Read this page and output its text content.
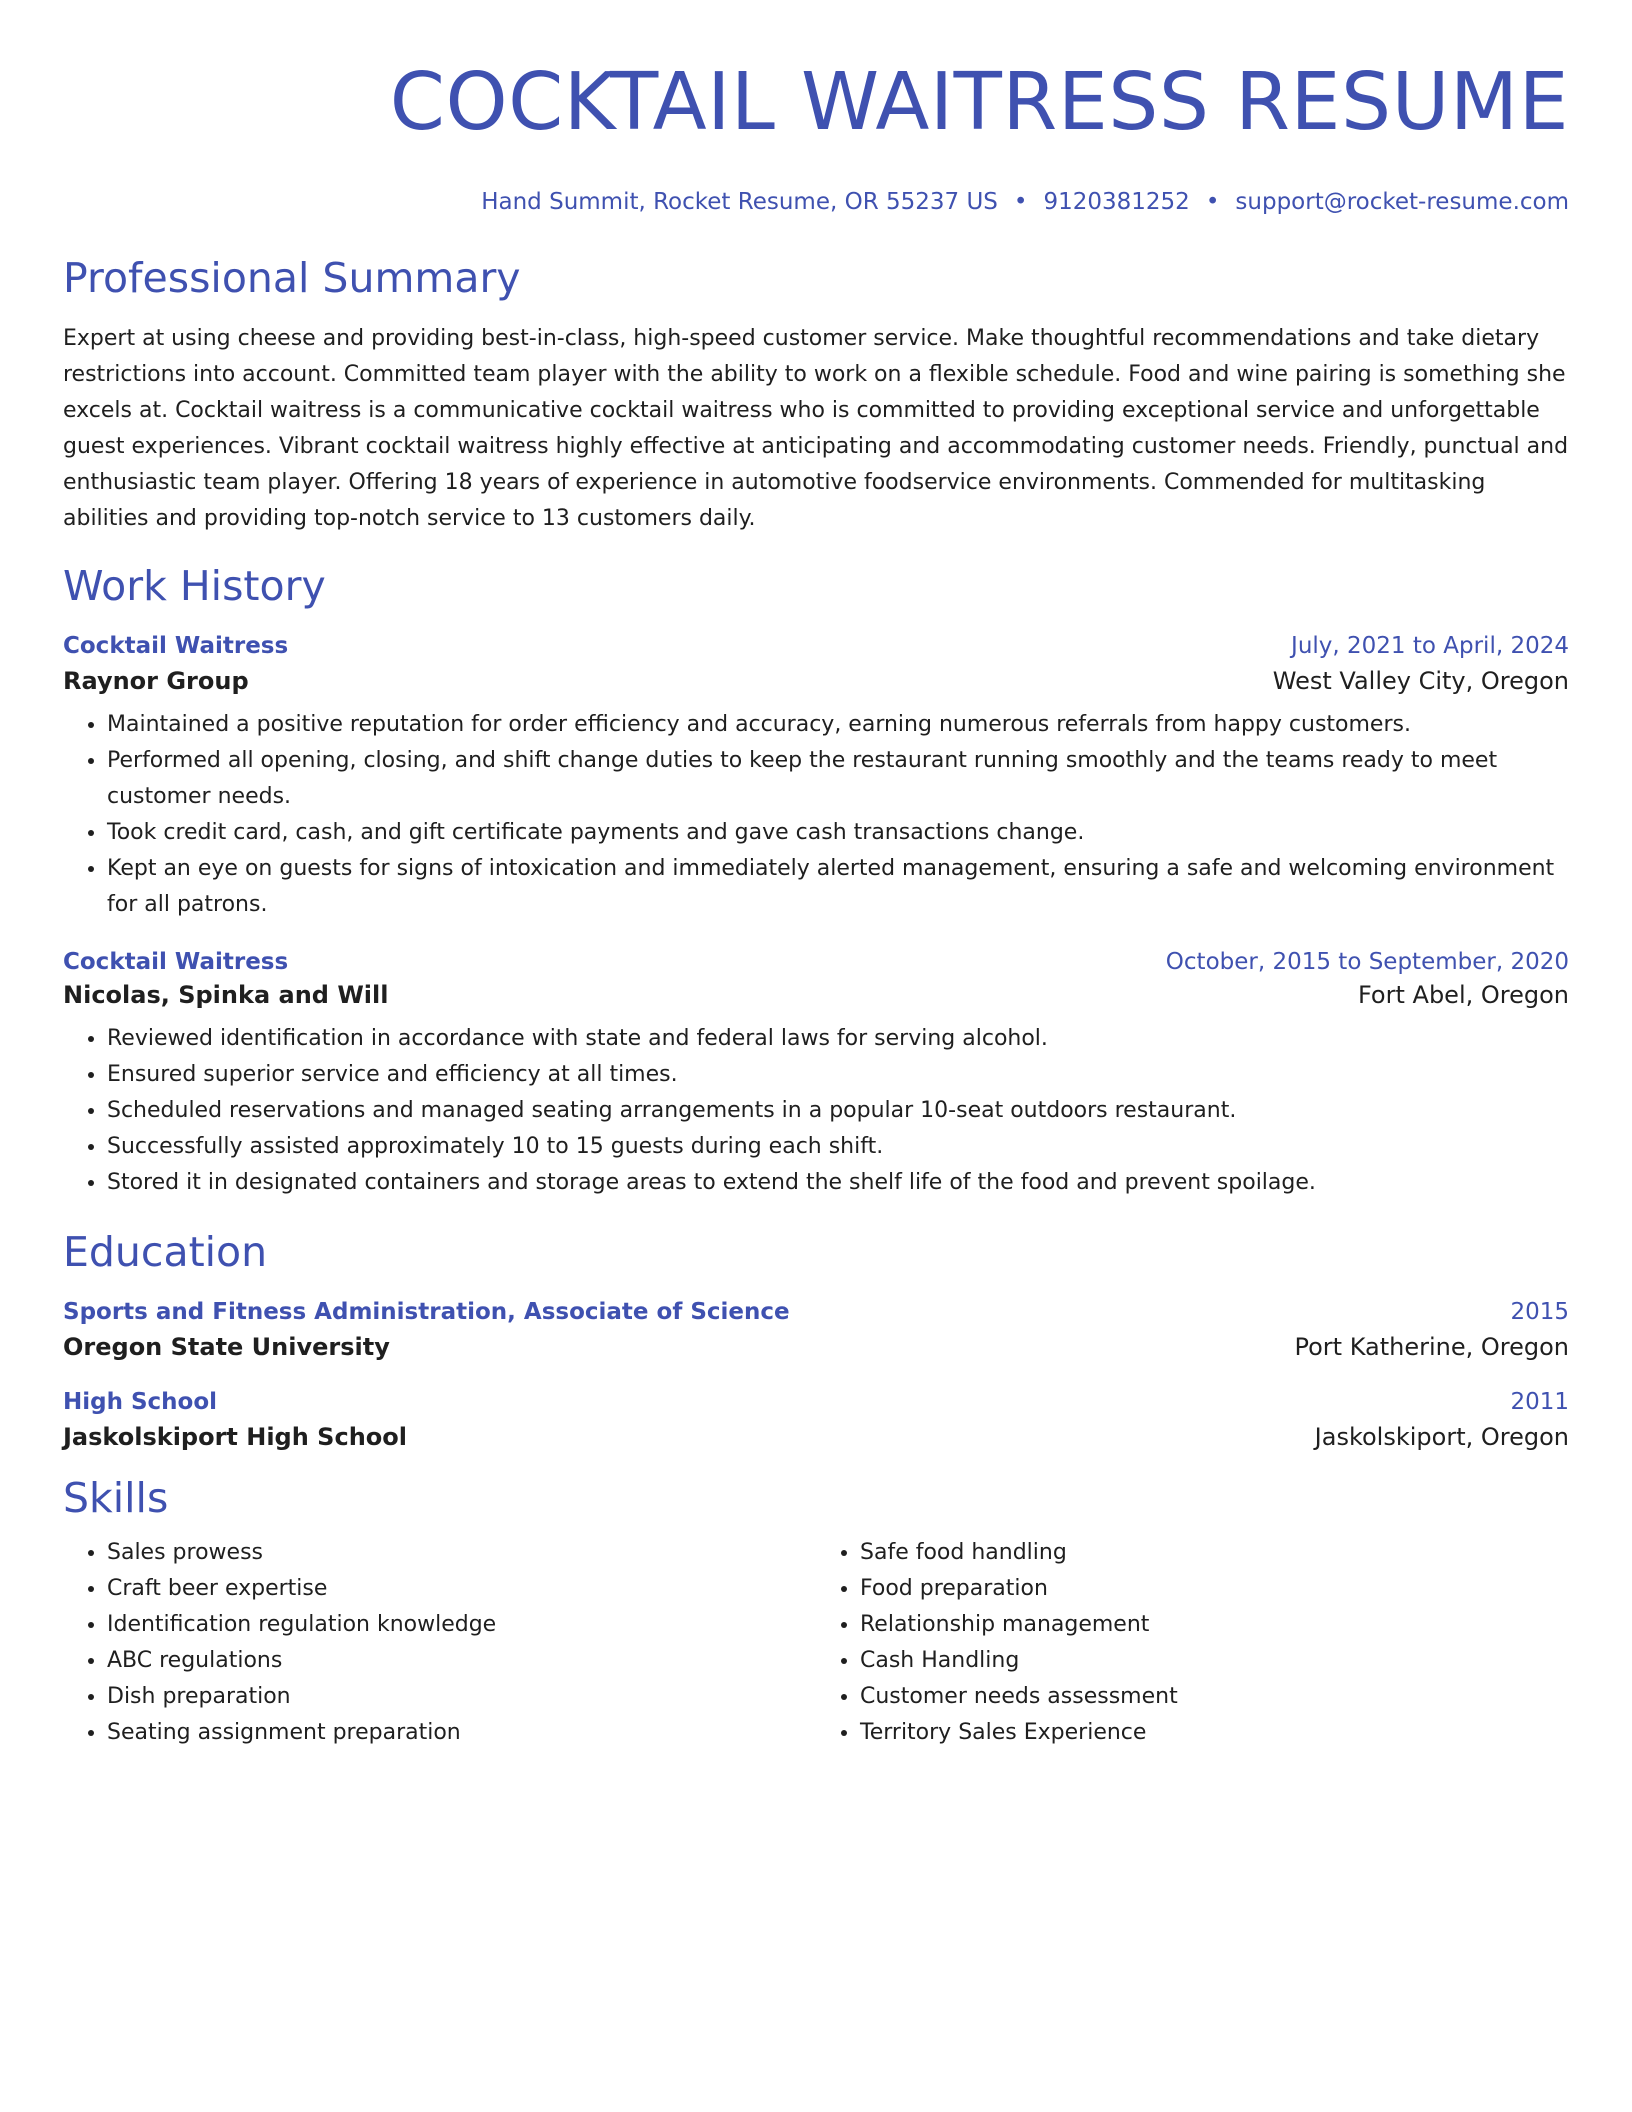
COCKTAIL WAITRESS RESUME
Hand Summit, Rocket Resume, OR 55237 US • 9120381252 • support@rocket-resume.com
Professional Summary
Expert at using cheese and providing best-in-class, high-speed customer service. Make thoughtful recommendations and take dietary restrictions into account. Committed team player with the ability to work on a flexible schedule. Food and wine pairing is something she excels at. Cocktail waitress is a communicative cocktail waitress who is committed to providing exceptional service and unforgettable guest experiences. Vibrant cocktail waitress highly effective at anticipating and accommodating customer needs. Friendly, punctual and enthusiastic team player. Offering 18 years of experience in automotive foodservice environments. Commended for multitasking abilities and providing top-notch service to 13 customers daily.
Work History
Cocktail Waitress	July, 2021 to April, 2024
Raynor Group	West Valley City, Oregon
• Maintained a positive reputation for order efficiency and accuracy, earning numerous referrals from happy customers.
• Performed all opening, closing, and shift change duties to keep the restaurant running smoothly and the teams ready to meet customer needs.
• Took credit card, cash, and gift certificate payments and gave cash transactions change.
• Kept an eye on guests for signs of intoxication and immediately alerted management, ensuring a safe and welcoming environment for all patrons.
Cocktail Waitress	October, 2015 to September, 2020
Nicolas, Spinka and Will	Fort Abel, Oregon
• Reviewed identification in accordance with state and federal laws for serving alcohol.
• Ensured superior service and efficiency at all times.
• Scheduled reservations and managed seating arrangements in a popular 10-seat outdoors restaurant.
• Successfully assisted approximately 10 to 15 guests during each shift.
• Stored it in designated containers and storage areas to extend the shelf life of the food and prevent spoilage.
Education
Sports and Fitness Administration, Associate of Science	2015
Oregon State University	Port Katherine, Oregon
High School	2011
Jaskolskiport High School	Jaskolskiport, Oregon
Skills
• Sales prowess
• Craft beer expertise
• Identification regulation knowledge
• ABC regulations
• Dish preparation
• Seating assignment preparation
• Safe food handling
• Food preparation
• Relationship management
• Cash Handling
• Customer needs assessment
• Territory Sales Experience
